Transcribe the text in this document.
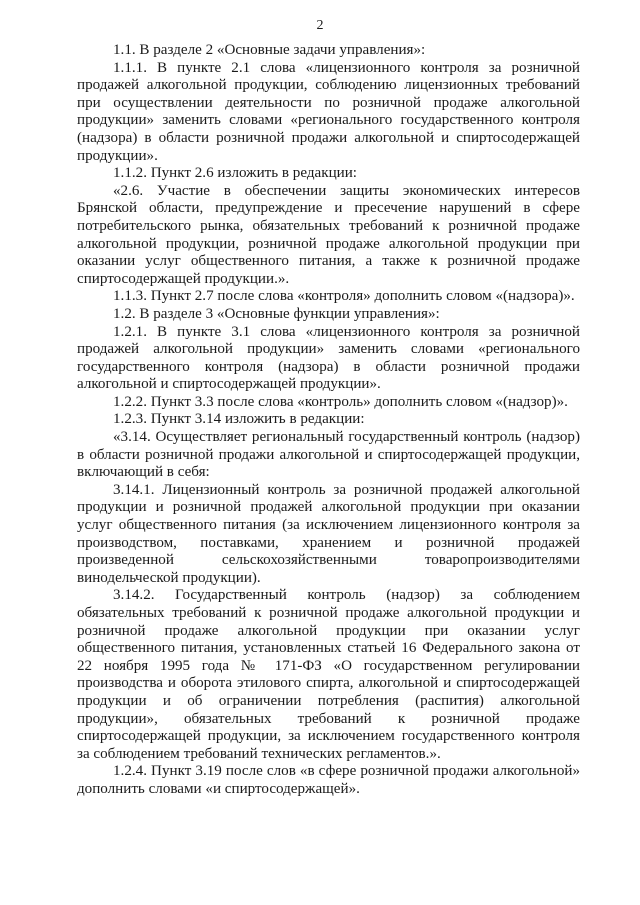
2

1.1. В разделе 2 «Основные задачи управления»:

1.1.1. В пункте 2.1 слова «лицензионного контроля за розничной продажей алкогольной продукции, соблюдению лицензионных требований при осуществлении деятельности по розничной продаже алкогольной продукции» заменить словами «регионального государственного контроля (надзора) в области розничной продажи алкогольной и спиртосодержащей продукции».

1.1.2. Пункт 2.6 изложить в редакции:

«2.6. Участие в обеспечении защиты экономических интересов Брянской области, предупреждение и пресечение нарушений в сфере потребительского рынка, обязательных требований к розничной продаже алкогольной продукции, розничной продаже алкогольной продукции при оказании услуг общественного питания, а также к розничной продаже спиртосодержащей продукции.».

1.1.3. Пункт 2.7 после слова «контроля» дополнить словом «(надзора)».

1.2. В разделе 3 «Основные функции управления»:

1.2.1. В пункте 3.1 слова «лицензионного контроля за розничной продажей алкогольной продукции» заменить словами «регионального государственного контроля (надзора) в области розничной продажи алкогольной и спиртосодержащей продукции».

1.2.2. Пункт 3.3 после слова «контроль» дополнить словом «(надзор)».

1.2.3. Пункт 3.14 изложить в редакции:

«3.14. Осуществляет региональный государственный контроль (надзор) в области розничной продажи алкогольной и спиртосодержащей продукции, включающий в себя:

3.14.1. Лицензионный контроль за розничной продажей алкогольной продукции и розничной продажей алкогольной продукции при оказании услуг общественного питания (за исключением лицензионного контроля за производством, поставками, хранением и розничной продажей произведенной сельскохозяйственными товаропроизводителями винодельческой продукции).

3.14.2. Государственный контроль (надзор) за соблюдением обязательных требований к розничной продаже алкогольной продукции и розничной продаже алкогольной продукции при оказании услуг общественного питания, установленных статьей 16 Федерального закона от 22 ноября 1995 года № 171-ФЗ «О государственном регулировании производства и оборота этилового спирта, алкогольной и спиртосодержащей продукции и об ограничении потребления (распития) алкогольной продукции», обязательных требований к розничной продаже спиртосодержащей продукции, за исключением государственного контроля за соблюдением требований технических регламентов.».

1.2.4. Пункт 3.19 после слов «в сфере розничной продажи алкогольной» дополнить словами «и спиртосодержащей».
